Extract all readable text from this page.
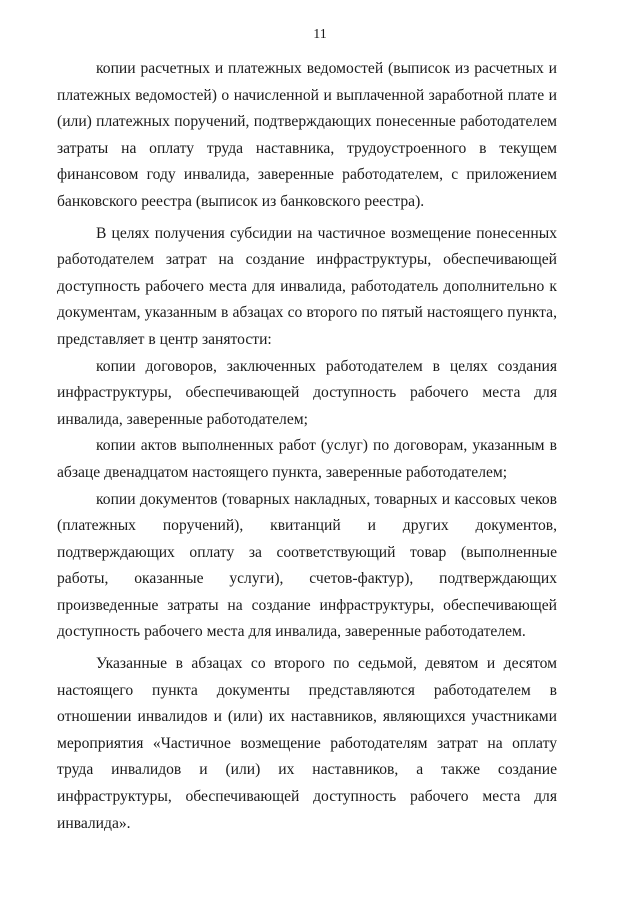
11

копии расчетных и платежных ведомостей (выписок из расчетных и платежных ведомостей) о начисленной и выплаченной заработной плате и (или) платежных поручений, подтверждающих понесенные работодателем затраты на оплату труда наставника, трудоустроенного в текущем финансовом году инвалида, заверенные работодателем, с приложением банковского реестра (выписок из банковского реестра).

В целях получения субсидии на частичное возмещение понесенных работодателем затрат на создание инфраструктуры, обеспечивающей доступность рабочего места для инвалида, работодатель дополнительно к документам, указанным в абзацах со второго по пятый настоящего пункта, представляет в центр занятости:

копии договоров, заключенных работодателем в целях создания инфраструктуры, обеспечивающей доступность рабочего места для инвалида, заверенные работодателем;

копии актов выполненных работ (услуг) по договорам, указанным в абзаце двенадцатом настоящего пункта, заверенные работодателем;

копии документов (товарных накладных, товарных и кассовых чеков (платежных поручений), квитанций и других документов, подтверждающих оплату за соответствующий товар (выполненные работы, оказанные услуги), счетов-фактур), подтверждающих произведенные затраты на создание инфраструктуры, обеспечивающей доступность рабочего места для инвалида, заверенные работодателем.

Указанные в абзацах со второго по седьмой, девятом и десятом настоящего пункта документы представляются работодателем в отношении инвалидов и (или) их наставников, являющихся участниками мероприятия «Частичное возмещение работодателям затрат на оплату труда инвалидов и (или) их наставников, а также создание инфраструктуры, обеспечивающей доступность рабочего места для инвалида».
